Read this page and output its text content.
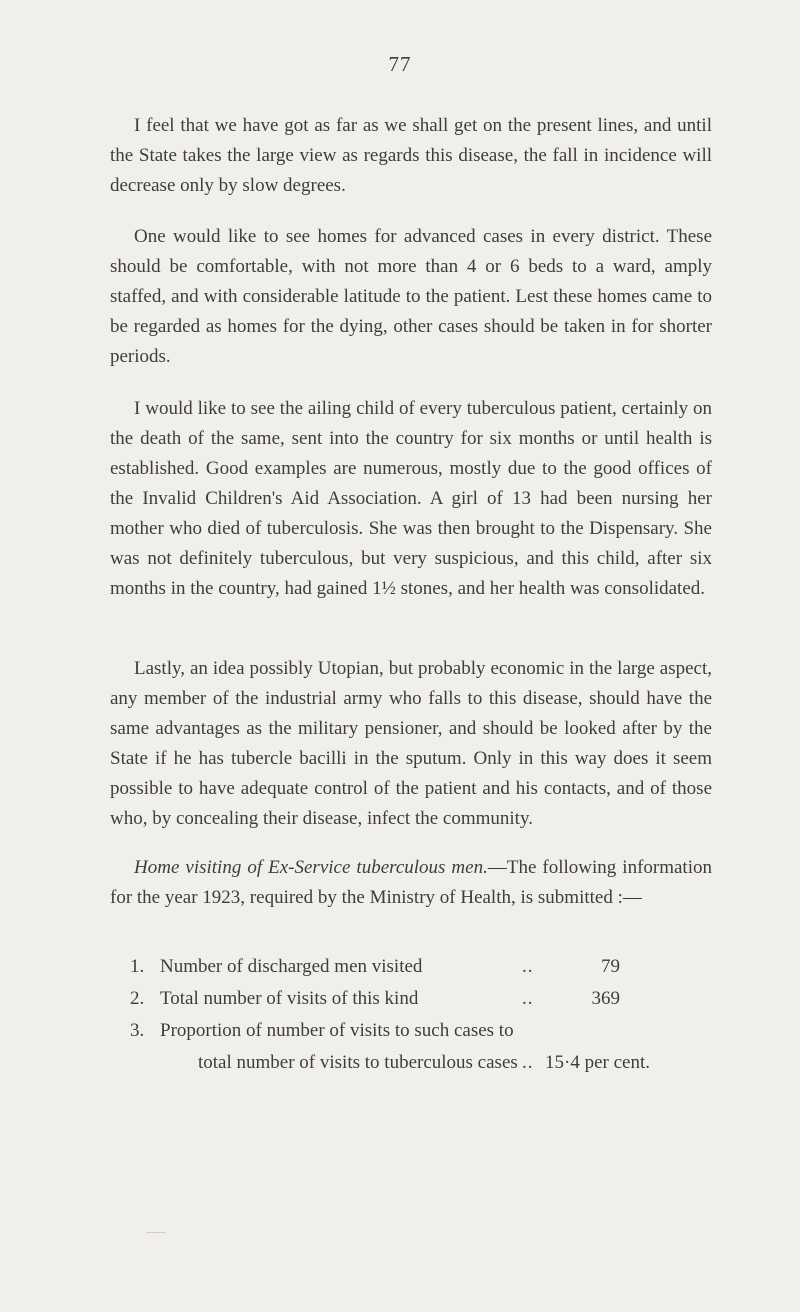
77

I feel that we have got as far as we shall get on the present lines, and until the State takes the large view as regards this disease, the fall in incidence will decrease only by slow degrees.

One would like to see homes for advanced cases in every district. These should be comfortable, with not more than 4 or 6 beds to a ward, amply staffed, and with considerable latitude to the patient. Lest these homes came to be regarded as homes for the dying, other cases should be taken in for shorter periods.

I would like to see the ailing child of every tuberculous patient, certainly on the death of the same, sent into the country for six months or until health is established. Good examples are numerous, mostly due to the good offices of the Invalid Children's Aid Association. A girl of 13 had been nursing her mother who died of tuberculosis. She was then brought to the Dispensary. She was not definitely tuberculous, but very suspicious, and this child, after six months in the country, had gained 1½ stones, and her health was consolidated.

Lastly, an idea possibly Utopian, but probably economic in the large aspect, any member of the industrial army who falls to this disease, should have the same advantages as the military pensioner, and should be looked after by the State if he has tubercle bacilli in the sputum. Only in this way does it seem possible to have adequate control of the patient and his contacts, and of those who, by concealing their disease, infect the community.

Home visiting of Ex-Service tuberculous men.—The following information for the year 1923, required by the Ministry of Health, is submitted :—

1. Number of discharged men visited	..	79
2. Total number of visits of this kind	..	369
3. Proportion of number of visits to such cases to
total number of visits to tuberculous cases .. 15·4 per cent.
